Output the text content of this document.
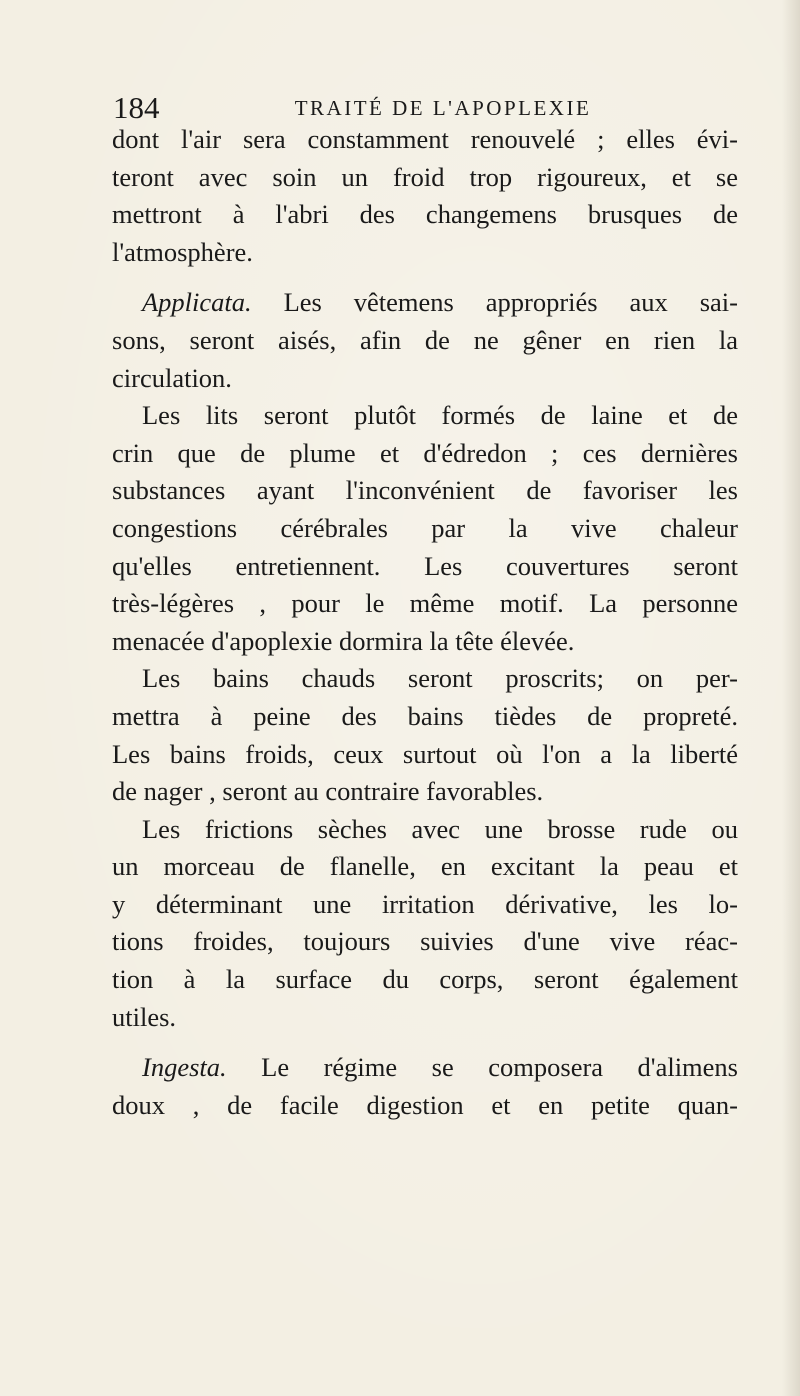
184	TRAITÉ DE L'APOPLEXIE

dont l'air sera constamment renouvelé ; elles évi-
teront avec soin un froid trop rigoureux, et se
mettront à l'abri des changemens brusques de
l'atmosphère.

Applicata. Les vêtemens appropriés aux sai-
sons, seront aisés, afin de ne gêner en rien la
circulation.

Les lits seront plutôt formés de laine et de
crin que de plume et d'édredon ; ces dernières
substances ayant l'inconvénient de favoriser les
congestions cérébrales par la vive chaleur
qu'elles entretiennent. Les couvertures seront
très-légères , pour le même motif. La personne
menacée d'apoplexie dormira la tête élevée.

Les bains chauds seront proscrits; on per-
mettra à peine des bains tièdes de propreté.
Les bains froids, ceux surtout où l'on a la liberté
de nager , seront au contraire favorables.

Les frictions sèches avec une brosse rude ou
un morceau de flanelle, en excitant la peau et
y déterminant une irritation dérivative, les lo-
tions froides, toujours suivies d'une vive réac-
tion à la surface du corps, seront également
utiles.

Ingesta. Le régime se composera d'alimens
doux , de facile digestion et en petite quan-
